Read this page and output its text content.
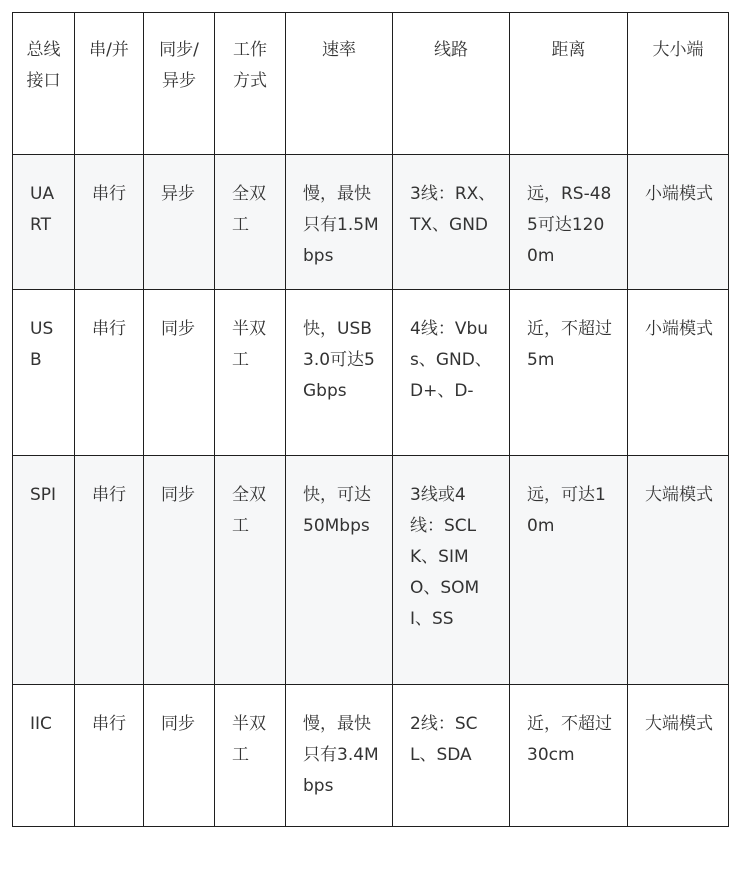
总线接口	串/并	同步/异步	工作方式	速率	线路	距离	大小端
UART	串行	异步	全双工	慢，最快只有1.5Mbps	3线：RX、TX、GND	远，RS-485可达1200m	小端模式
USB	串行	同步	半双工	快，USB3.0可达5Gbps	4线：Vbus、GND、D+、D-	近，不超过5m	小端模式
SPI	串行	同步	全双工	快，可达50Mbps	3线或4线：SCLK、SIMO、SOMI、SS	远，可达10m	大端模式
IIC	串行	同步	半双工	慢，最快只有3.4Mbps	2线：SCL、SDA	近，不超过30cm	大端模式
